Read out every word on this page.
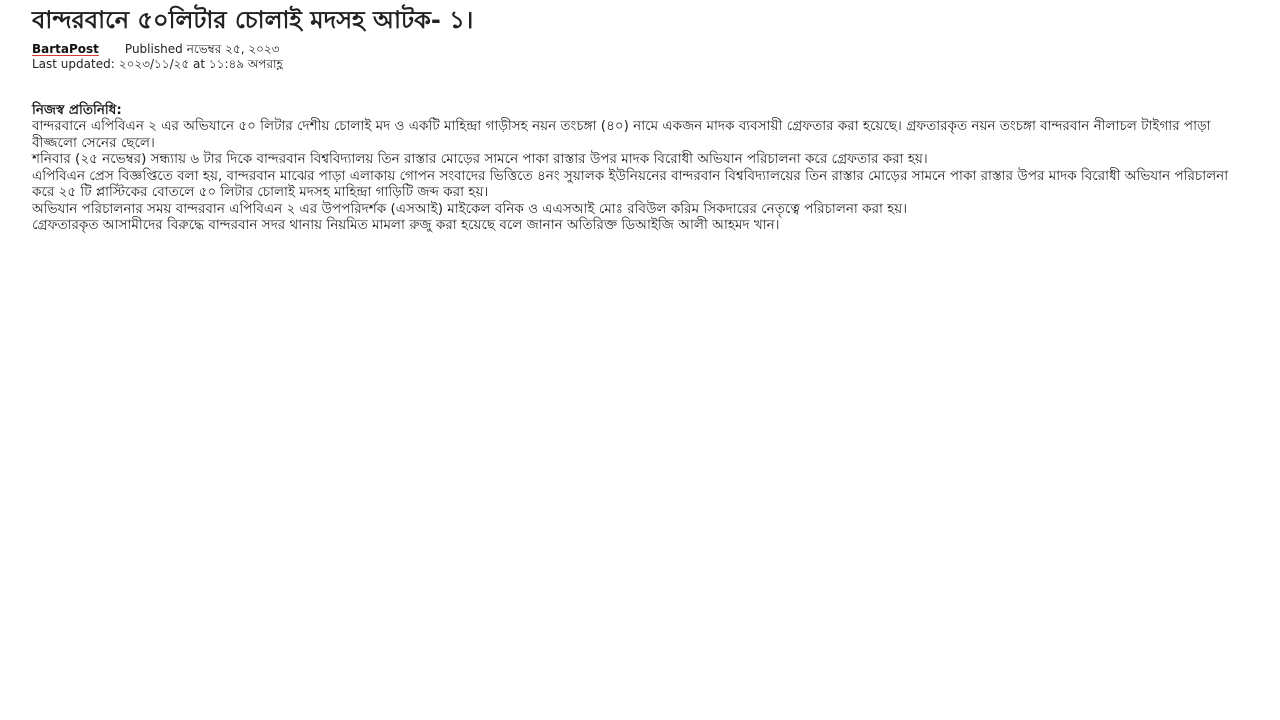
বান্দরবানে ৫০লিটার চোলাই মদসহ আটক- ১।
BartaPost Published নভেম্বর ২৫, ২০২৩
Last updated: ২০২৩/১১/২৫ at ১১:৪৯ অপরাহ্ণ
নিজস্ব প্রতিনিধি:

বান্দরবানে এপিবিএন ২ এর অভিযানে ৫০ লিটার দেশীয় চোলাই মদ ও একটি মাহিন্দ্রা গাড়ীসহ নয়ন তংচঙ্গা (৪০) নামে একজন মাদক ব্যবসায়ী গ্রেফতার করা হয়েছে। গ্রফতারকৃত নয়ন তংচঙ্গা বান্দরবান নীলাচল টাইগার পাড়া বীজ্জলো সেনের ছেলে।

শনিবার (২৫ নভেম্বর) সন্ধ্যায় ৬ টার দিকে বান্দরবান বিশ্ববিদ্যালয় তিন রাস্তার মোড়ের সামনে পাকা রাস্তার উপর মাদক বিরোধী অভিযান পরিচালনা করে গ্রেফতার করা হয়।

এপিবিএন প্রেস বিজ্ঞপ্তিতে বলা হয়, বান্দরবান মাঝের পাড়া এলাকায় গোপন সংবাদের ভিত্তিতে ৪নং সুয়ালক ইউনিয়নের বান্দরবান বিশ্ববিদ্যালয়ের তিন রাস্তার মোড়ের সামনে পাকা রাস্তার উপর মাদক বিরোধী অভিযান পরিচালনা করে ২৫ টি প্লাস্টিকের বোতলে ৫০ লিটার চোলাই মদসহ মাহিন্দ্রা গাড়িটি জব্দ করা হয়।

অভিযান পরিচালনার সময় বান্দরবান এপিবিএন ২ এর উপপরিদর্শক (এসআই) মাইকেল বনিক ও এএসআই মোঃ রবিউল করিম সিকদারের নেতৃত্বে পরিচালনা করা হয়।

গ্রেফতারকৃত আসামীদের বিরুদ্ধে বান্দরবান সদর থানায় নিয়মিত মামলা রুজু করা হয়েছে বলে জানান অতিরিক্ত ডিআইজি আলী আহমদ খান।
